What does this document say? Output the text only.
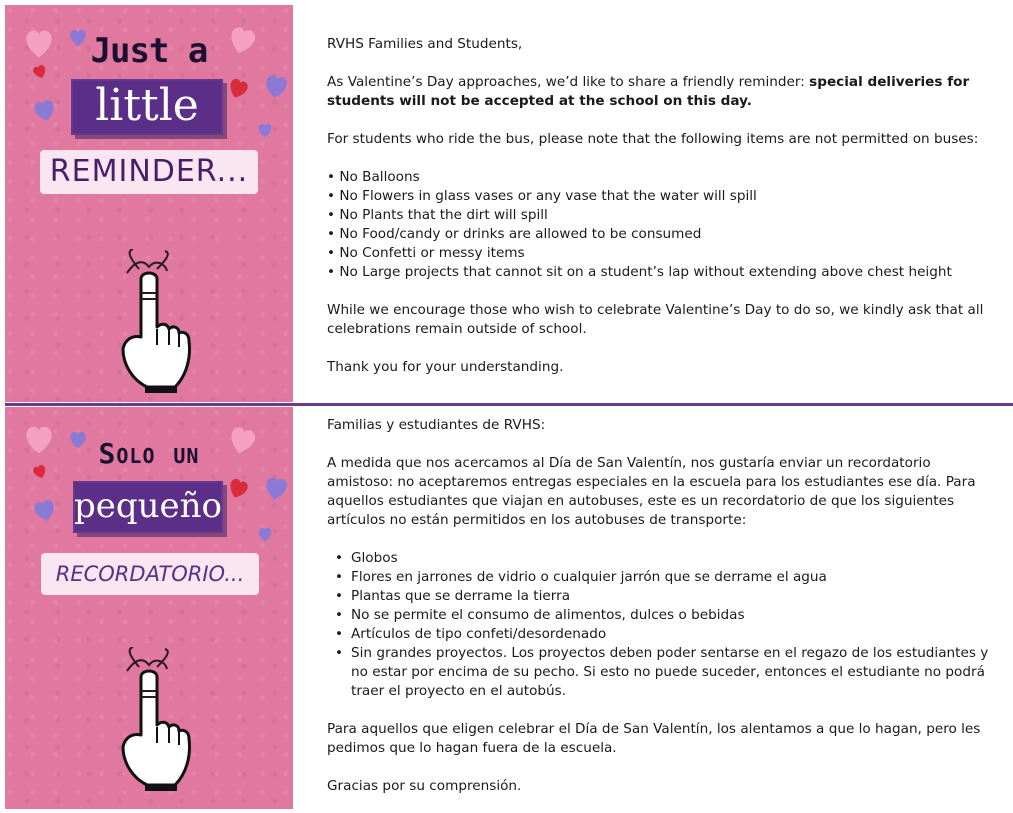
Just a
little
REMINDER...
Solo un
pequeño
RECORDATORIO...

RVHS Families and Students,

As Valentine’s Day approaches, we’d like to share a friendly reminder: special deliveries for students will not be accepted at the school on this day.

For students who ride the bus, please note that the following items are not permitted on buses:

• No Balloons
• No Flowers in glass vases or any vase that the water will spill
• No Plants that the dirt will spill
• No Food/candy or drinks are allowed to be consumed
• No Confetti or messy items
• No Large projects that cannot sit on a student’s lap without extending above chest height

While we encourage those who wish to celebrate Valentine’s Day to do so, we kindly ask that all celebrations remain outside of school.

Thank you for your understanding.

Familias y estudiantes de RVHS:

A medida que nos acercamos al Día de San Valentín, nos gustaría enviar un recordatorio amistoso: no aceptaremos entregas especiales en la escuela para los estudiantes ese día. Para aquellos estudiantes que viajan en autobuses, este es un recordatorio de que los siguientes artículos no están permitidos en los autobuses de transporte:

• Globos
• Flores en jarrones de vidrio o cualquier jarrón que se derrame el agua
• Plantas que se derrame la tierra
• No se permite el consumo de alimentos, dulces o bebidas
• Artículos de tipo confeti/desordenado
• Sin grandes proyectos. Los proyectos deben poder sentarse en el regazo de los estudiantes y no estar por encima de su pecho. Si esto no puede suceder, entonces el estudiante no podrá traer el proyecto en el autobús.

Para aquellos que eligen celebrar el Día de San Valentín, los alentamos a que lo hagan, pero les pedimos que lo hagan fuera de la escuela.

Gracias por su comprensión.
